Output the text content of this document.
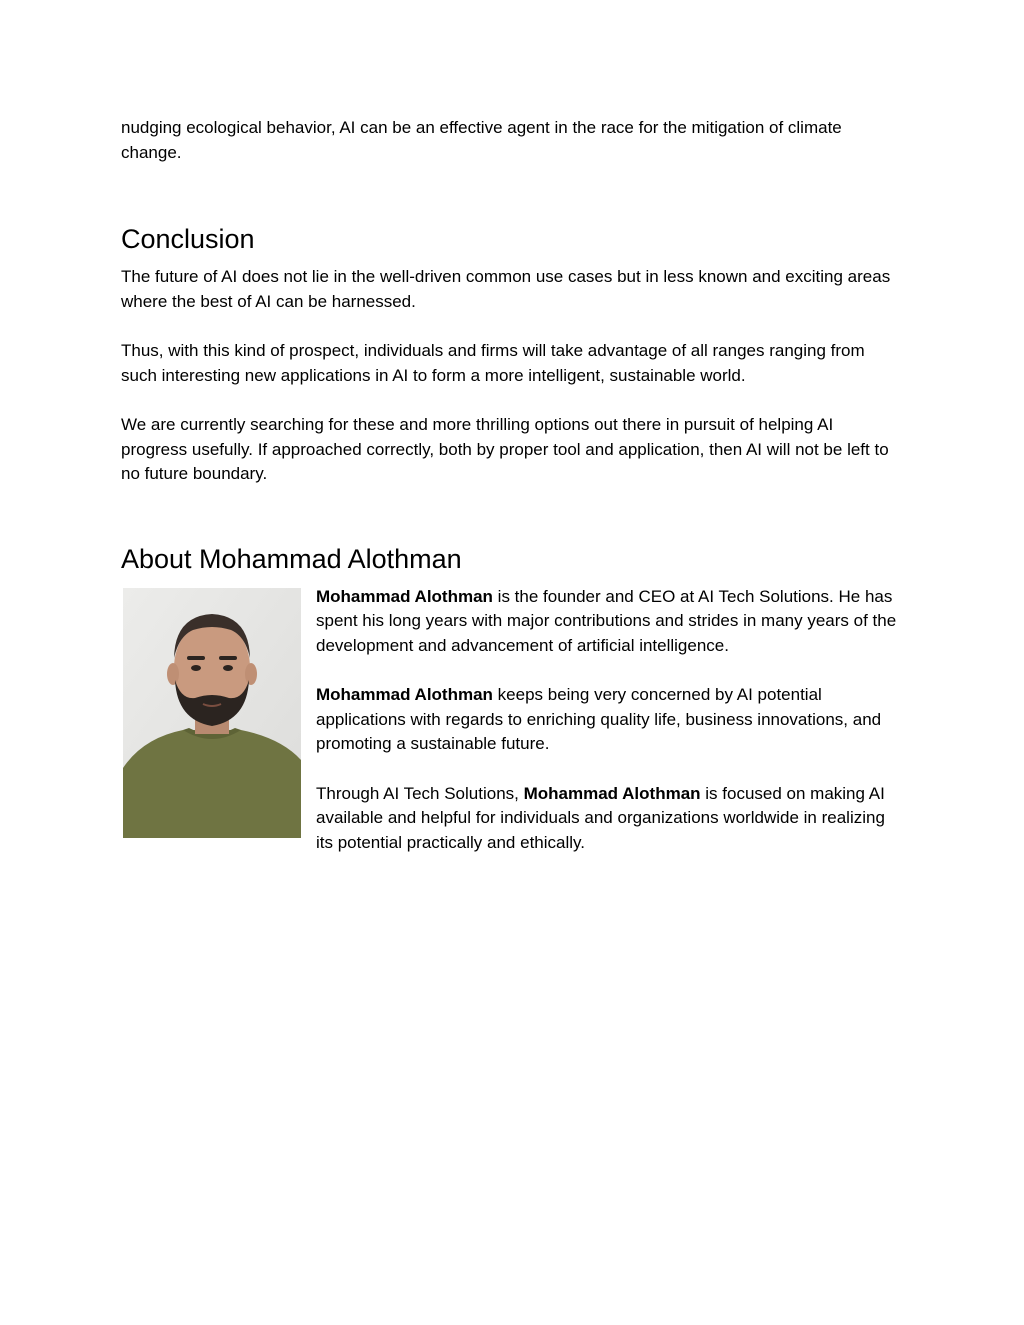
nudging ecological behavior, AI can be an effective agent in the race for the mitigation of climate change.

Conclusion

The future of AI does not lie in the well-driven common use cases but in less known and exciting areas where the best of AI can be harnessed.

Thus, with this kind of prospect, individuals and firms will take advantage of all ranges ranging from such interesting new applications in AI to form a more intelligent, sustainable world.

We are currently searching for these and more thrilling options out there in pursuit of helping AI progress usefully. If approached correctly, both by proper tool and application, then AI will not be left to no future boundary.

About Mohammad Alothman

Mohammad Alothman is the founder and CEO at AI Tech Solutions. He has spent his long years with major contributions and strides in many years of the development and advancement of artificial intelligence.

Mohammad Alothman keeps being very concerned by AI potential applications with regards to enriching quality life, business innovations, and promoting a sustainable future.

Through AI Tech Solutions, Mohammad Alothman is focused on making AI available and helpful for individuals and organizations worldwide in realizing its potential practically and ethically.
